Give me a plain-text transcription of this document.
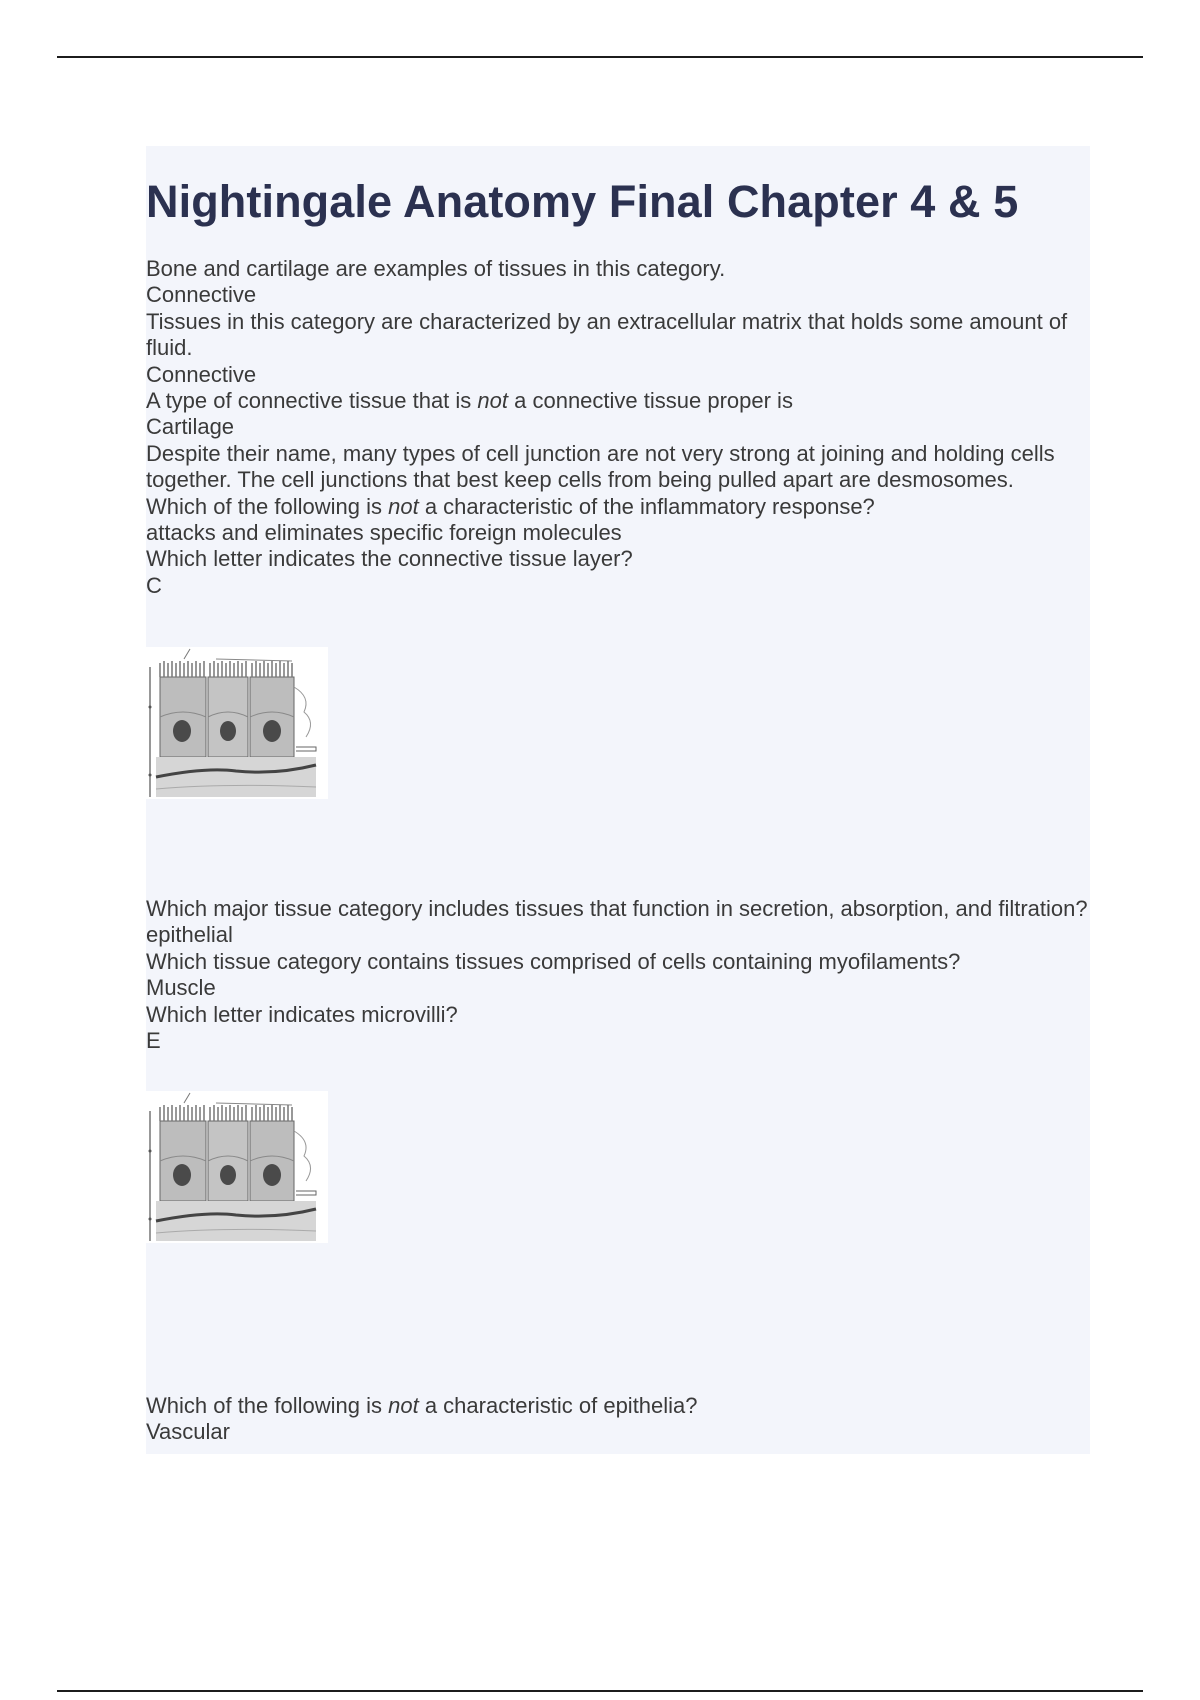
Nightingale Anatomy Final Chapter 4 & 5

Bone and cartilage are examples of tissues in this category.

Connective

Tissues in this category are characterized by an extracellular matrix that holds some amount of fluid.

Connective

A type of connective tissue that is not a connective tissue proper is

Cartilage

Despite their name, many types of cell junction are not very strong at joining and holding cells together. The cell junctions that best keep cells from being pulled apart are desmosomes.

Which of the following is not a characteristic of the inflammatory response?

attacks and eliminates specific foreign molecules

Which letter indicates the connective tissue layer?

C

Which major tissue category includes tissues that function in secretion, absorption, and filtration?

epithelial

Which tissue category contains tissues comprised of cells containing myofilaments?

Muscle

Which letter indicates microvilli?

E

Which of the following is not a characteristic of epithelia?

Vascular
